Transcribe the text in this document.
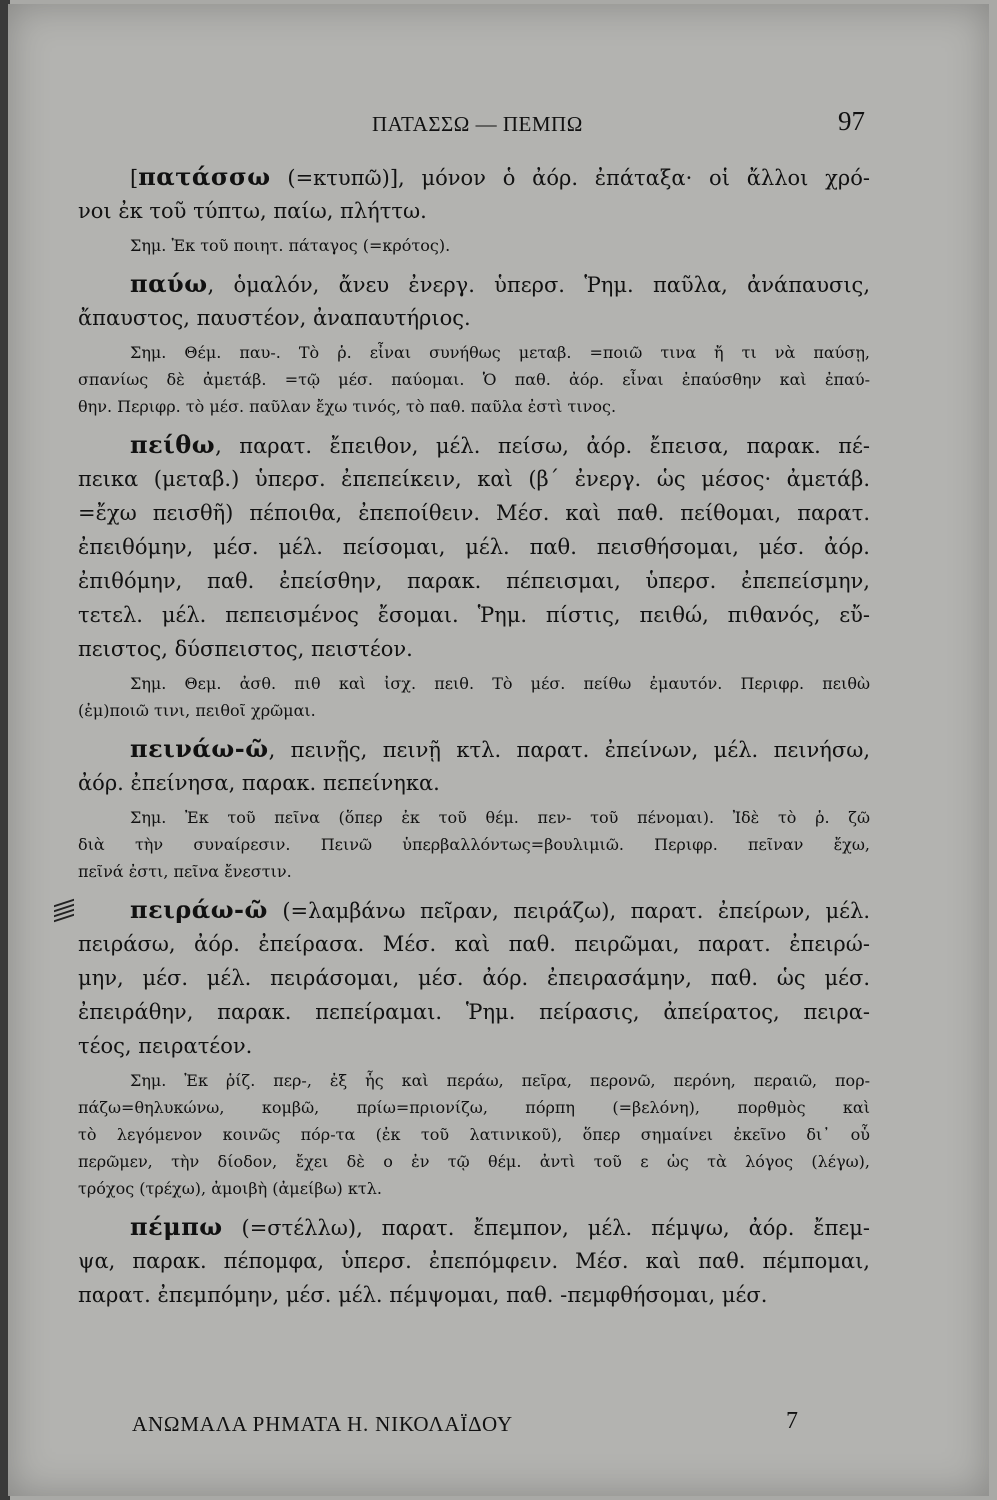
ΠΑΤΑΣΣΩ — ΠΕΜΠΩ	97
[πατάσσω (=κτυπῶ)], μόνον ὁ ἀόρ. ἐπάταξα· οἱ ἄλλοι χρό-
νοι ἐκ τοῦ τύπτω, παίω, πλήττω.
Σημ. Ἐκ τοῦ ποιητ. πάταγος (=κρότος).
παύω, ὁμαλόν, ἄνευ ἐνεργ. ὑπερσ. Ῥημ. παῦλα, ἀνάπαυσις,
ἄπαυστος, παυστέον, ἀναπαυτήριος.
Σημ. Θέμ. παυ-. Τὸ ῥ. εἶναι συνήθως μεταβ. =ποιῶ τινα ἤ τι νὰ παύσῃ,
σπανίως δὲ ἀμετάβ. =τῷ μέσ. παύομαι. Ὁ παθ. ἀόρ. εἶναι ἐπαύσθην καὶ ἐπαύ-
θην. Περιφρ. τὸ μέσ. παῦλαν ἔχω τινός, τὸ παθ. παῦλα ἐστὶ τινος.
πείθω, παρατ. ἔπειθον, μέλ. πείσω, ἀόρ. ἔπεισα, παρακ. πέ-
πεικα (μεταβ.) ὑπερσ. ἐπεπείκειν, καὶ (β΄ ἐνεργ. ὡς μέσος· ἀμετάβ.
=ἔχω πεισθῆ) πέποιθα, ἐπεποίθειν. Μέσ. καὶ παθ. πείθομαι, παρατ.
ἐπειθόμην, μέσ. μέλ. πείσομαι, μέλ. παθ. πεισθήσομαι, μέσ. ἀόρ.
ἐπιθόμην, παθ. ἐπείσθην, παρακ. πέπεισμαι, ὑπερσ. ἐπεπείσμην,
τετελ. μέλ. πεπεισμένος ἔσομαι. Ῥημ. πίστις, πειθώ, πιθανός, εὔ-
πειστος, δύσπειστος, πειστέον.
Σημ. Θεμ. ἀσθ. πιθ καὶ ἰσχ. πειθ. Τὸ μέσ. πείθω ἐμαυτόν. Περιφρ. πειθὼ
(ἐμ)ποιῶ τινι, πειθοῖ χρῶμαι.
πεινάω-ῶ, πεινῇς, πεινῇ κτλ. παρατ. ἐπείνων, μέλ. πεινήσω,
ἀόρ. ἐπείνησα, παρακ. πεπείνηκα.
Σημ. Ἐκ τοῦ πεῖνα (ὅπερ ἐκ τοῦ θέμ. πεν- τοῦ πένομαι). Ἰδὲ τὸ ῥ. ζῶ
διὰ τὴν συναίρεσιν. Πεινῶ ὑπερβαλλόντως=βουλιμιῶ. Περιφρ. πεῖναν ἔχω,
πεῖνά ἐστι, πεῖνα ἔνεστιν.
πειράω-ῶ (=λαμβάνω πεῖραν, πειράζω), παρατ. ἐπείρων, μέλ.
πειράσω, ἀόρ. ἐπείρασα. Μέσ. καὶ παθ. πειρῶμαι, παρατ. ἐπειρώ-
μην, μέσ. μέλ. πειράσομαι, μέσ. ἀόρ. ἐπειρασάμην, παθ. ὡς μέσ.
ἐπειράθην, παρακ. πεπείραμαι. Ῥημ. πείρασις, ἀπείρατος, πειρα-
τέος, πειρατέον.
Σημ. Ἐκ ῥίζ. περ-, ἐξ ἧς καὶ περάω, πεῖρα, περονῶ, περόνη, περαιῶ, πορ-
πάζω=θηλυκώνω, κομβῶ, πρίω=πριονίζω, πόρπη (=βελόνη), πορθμὸς καὶ
τὸ λεγόμενον κοινῶς πόρ-τα (ἐκ τοῦ λατινικοῦ), ὅπερ σημαίνει ἐκεῖνο δι᾽ οὗ
περῶμεν, τὴν δίοδον, ἔχει δὲ ο ἐν τῷ θέμ. ἀντὶ τοῦ ε ὡς τὰ λόγος (λέγω),
τρόχος (τρέχω), ἀμοιβὴ (ἀμείβω) κτλ.
πέμπω (=στέλλω), παρατ. ἔπεμπον, μέλ. πέμψω, ἀόρ. ἔπεμ-
ψα, παρακ. πέπομφα, ὑπερσ. ἐπεπόμφειν. Μέσ. καὶ παθ. πέμπομαι,
παρατ. ἐπεμπόμην, μέσ. μέλ. πέμψομαι, παθ. -πεμφθήσομαι, μέσ.
ΑΝΩΜΑΛΑ ΡΗΜΑΤΑ Η. ΝΙΚΟΛΑΪΔΟΥ	7
